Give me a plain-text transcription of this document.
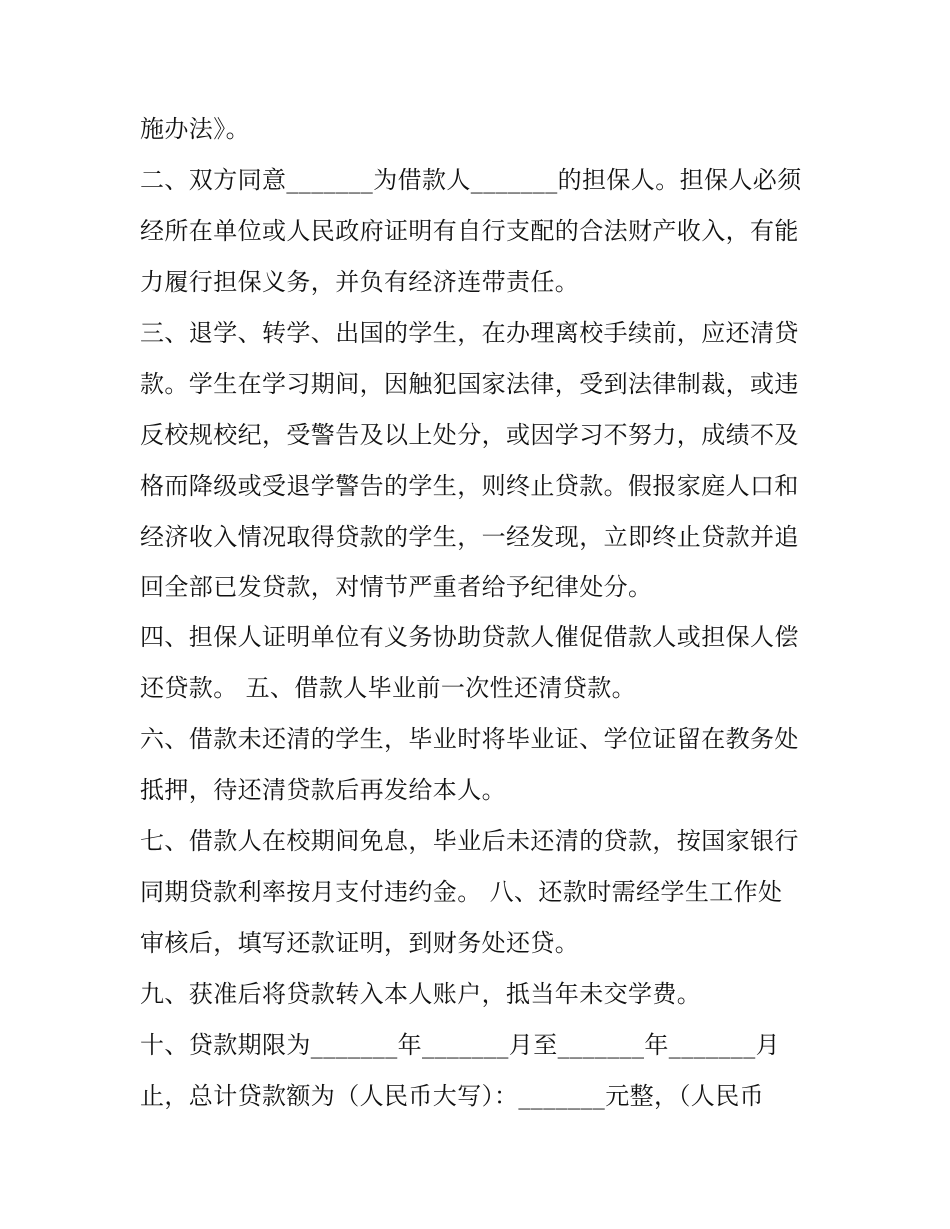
施办法》。
二、双方同意_______为借款人_______的担保人。担保人必须
经所在单位或人民政府证明有自行支配的合法财产收入，有能
力履行担保义务，并负有经济连带责任。
三、退学、转学、出国的学生，在办理离校手续前，应还清贷
款。学生在学习期间，因触犯国家法律，受到法律制裁，或违
反校规校纪，受警告及以上处分，或因学习不努力，成绩不及
格而降级或受退学警告的学生，则终止贷款。假报家庭人口和
经济收入情况取得贷款的学生，一经发现，立即终止贷款并追
回全部已发贷款，对情节严重者给予纪律处分。
四、担保人证明单位有义务协助贷款人催促借款人或担保人偿
还贷款。 五、借款人毕业前一次性还清贷款。
六、借款未还清的学生，毕业时将毕业证、学位证留在教务处
抵押，待还清贷款后再发给本人。
七、借款人在校期间免息，毕业后未还清的贷款，按国家银行
同期贷款利率按月支付违约金。 八、还款时需经学生工作处
审核后，填写还款证明，到财务处还贷。
九、获准后将贷款转入本人账户，抵当年未交学费。
十、贷款期限为_______年_______月至_______年_______月
止，总计贷款额为（人民币大写）：_______元整，（人民币
